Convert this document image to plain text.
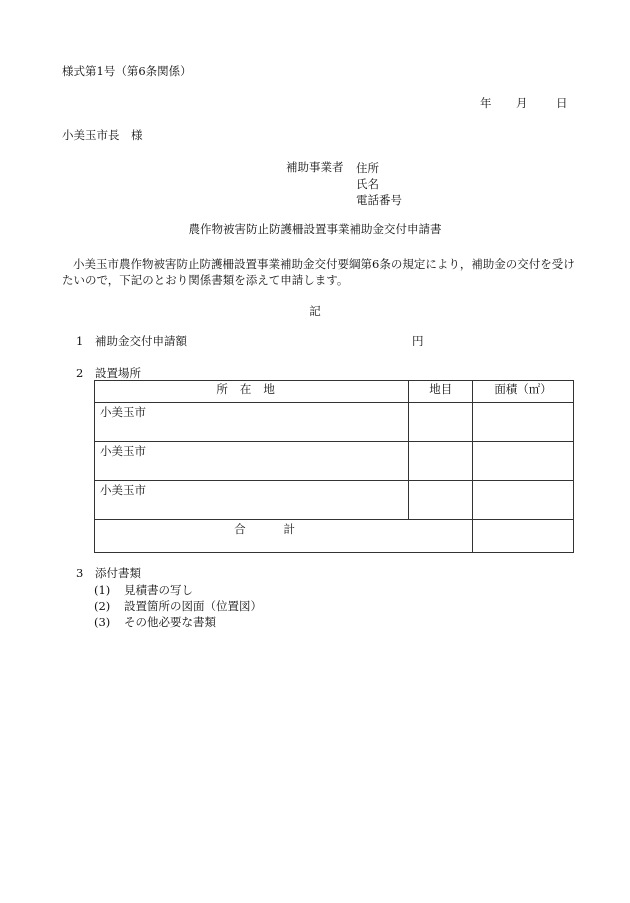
様式第1号（第6条関係）
年 月 日
小美玉市長　様
補助事業者 住所
氏名
電話番号
農作物被害防止防護柵設置事業補助金交付申請書
小美玉市農作物被害防止防護柵設置事業補助金交付要綱第6条の規定により，補助金の交付を受けたいので，下記のとおり関係書類を添えて申請します。
記
1 補助金交付申請額	円
2 設置場所
所在地	地目	面積（㎡）
小美玉市		
小美玉市		
小美玉市		
合計		
3 添付書類
(1) 見積書の写し
(2) 設置箇所の図面（位置図）
(3) その他必要な書類
